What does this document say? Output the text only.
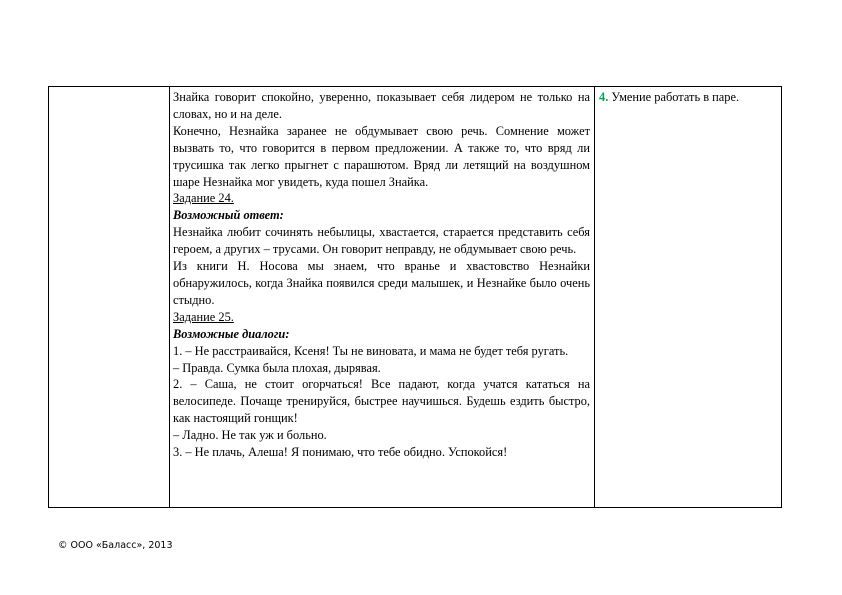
Знайка говорит спокойно, уверенно, показывает себя лидером не только на словах, но и на деле.

Конечно, Незнайка заранее не обдумывает свою речь. Сомнение может вызвать то, что говорится в первом предложении. А также то, что вряд ли трусишка так легко прыгнет с парашютом. Вряд ли летящий на воздушном шаре Незнайка мог увидеть, куда пошел Знайка.

Задание 24.

Возможный ответ:

Незнайка любит сочинять небылицы, хвастается, старается представить себя героем, а других – трусами. Он говорит неправду, не обдумывает свою речь.

Из книги Н. Носова мы знаем, что вранье и хвастовство Незнайки обнаружилось, когда Знайка появился среди малышек, и Незнайке было очень стыдно.

Задание 25.

Возможные диалоги:

1. – Не расстраивайся, Ксеня! Ты не виновата, и мама не будет тебя ругать.

– Правда. Сумка была плохая, дырявая.

2. – Саша, не стоит огорчаться! Все падают, когда учатся кататься на велосипеде. Почаще тренируйся, быстрее научишься. Будешь ездить быстро, как настоящий гонщик!

– Ладно. Не так уж и больно.

3. – Не плачь, Алеша! Я понимаю, что тебе обидно. Успокойся!

4. Умение работать в паре.

© ООО «Баласс», 2013
